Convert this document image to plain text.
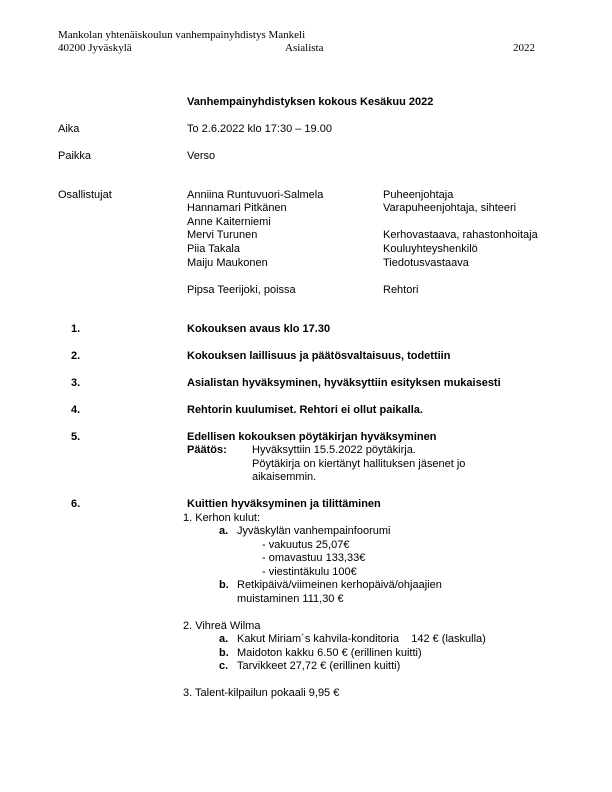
Mankolan yhtenäiskoulun vanhempainyhdistys Mankeli
40200 Jyväskylä	Asialista	2022
Vanhempainyhdistyksen kokous Kesäkuu 2022
Aika	To 2.6.2022 klo 17:30 – 19.00
Paikka	Verso
Osallistujat	Anniina Runtuvuori-Salmela	Puheenjohtaja
Hannamari Pitkänen	Varapuheenjohtaja, sihteeri
Anne Kaiterniemi
Mervi Turunen	Kerhovastaava, rahastonhoitaja
Piia Takala	Kouluyhteyshenkilö
Maiju Maukonen	Tiedotusvastaava
Pipsa Teerijoki, poissa	Rehtori
1.	Kokouksen avaus klo 17.30
2.	Kokouksen laillisuus ja päätösvaltaisuus, todettiin
3.	Asialistan hyväksyminen, hyväksyttiin esityksen mukaisesti
4.	Rehtorin kuulumiset. Rehtori ei ollut paikalla.
5.	Edellisen kokouksen pöytäkirjan hyväksyminen
Päätös: Hyväksyttiin 15.5.2022 pöytäkirja.
Pöytäkirja on kiertänyt hallituksen jäsenet jo
aikaisemmin.
6.	Kuittien hyväksyminen ja tilittäminen
1. Kerhon kulut:
a. Jyväskylän vanhempainfoorumi
- vakuutus 25,07€
- omavastuu 133,33€
- viestintäkulu 100€
b. Retkipäivä/viimeinen kerhopäivä/ohjaajien
muistaminen 111,30 €
2. Vihreä Wilma
a. Kakut Miriam´s kahvila-konditoria    142 € (laskulla)
b. Maidoton kakku 6.50 € (erillinen kuitti)
c. Tarvikkeet 27,72 € (erillinen kuitti)
3. Talent-kilpailun pokaali 9,95 €
